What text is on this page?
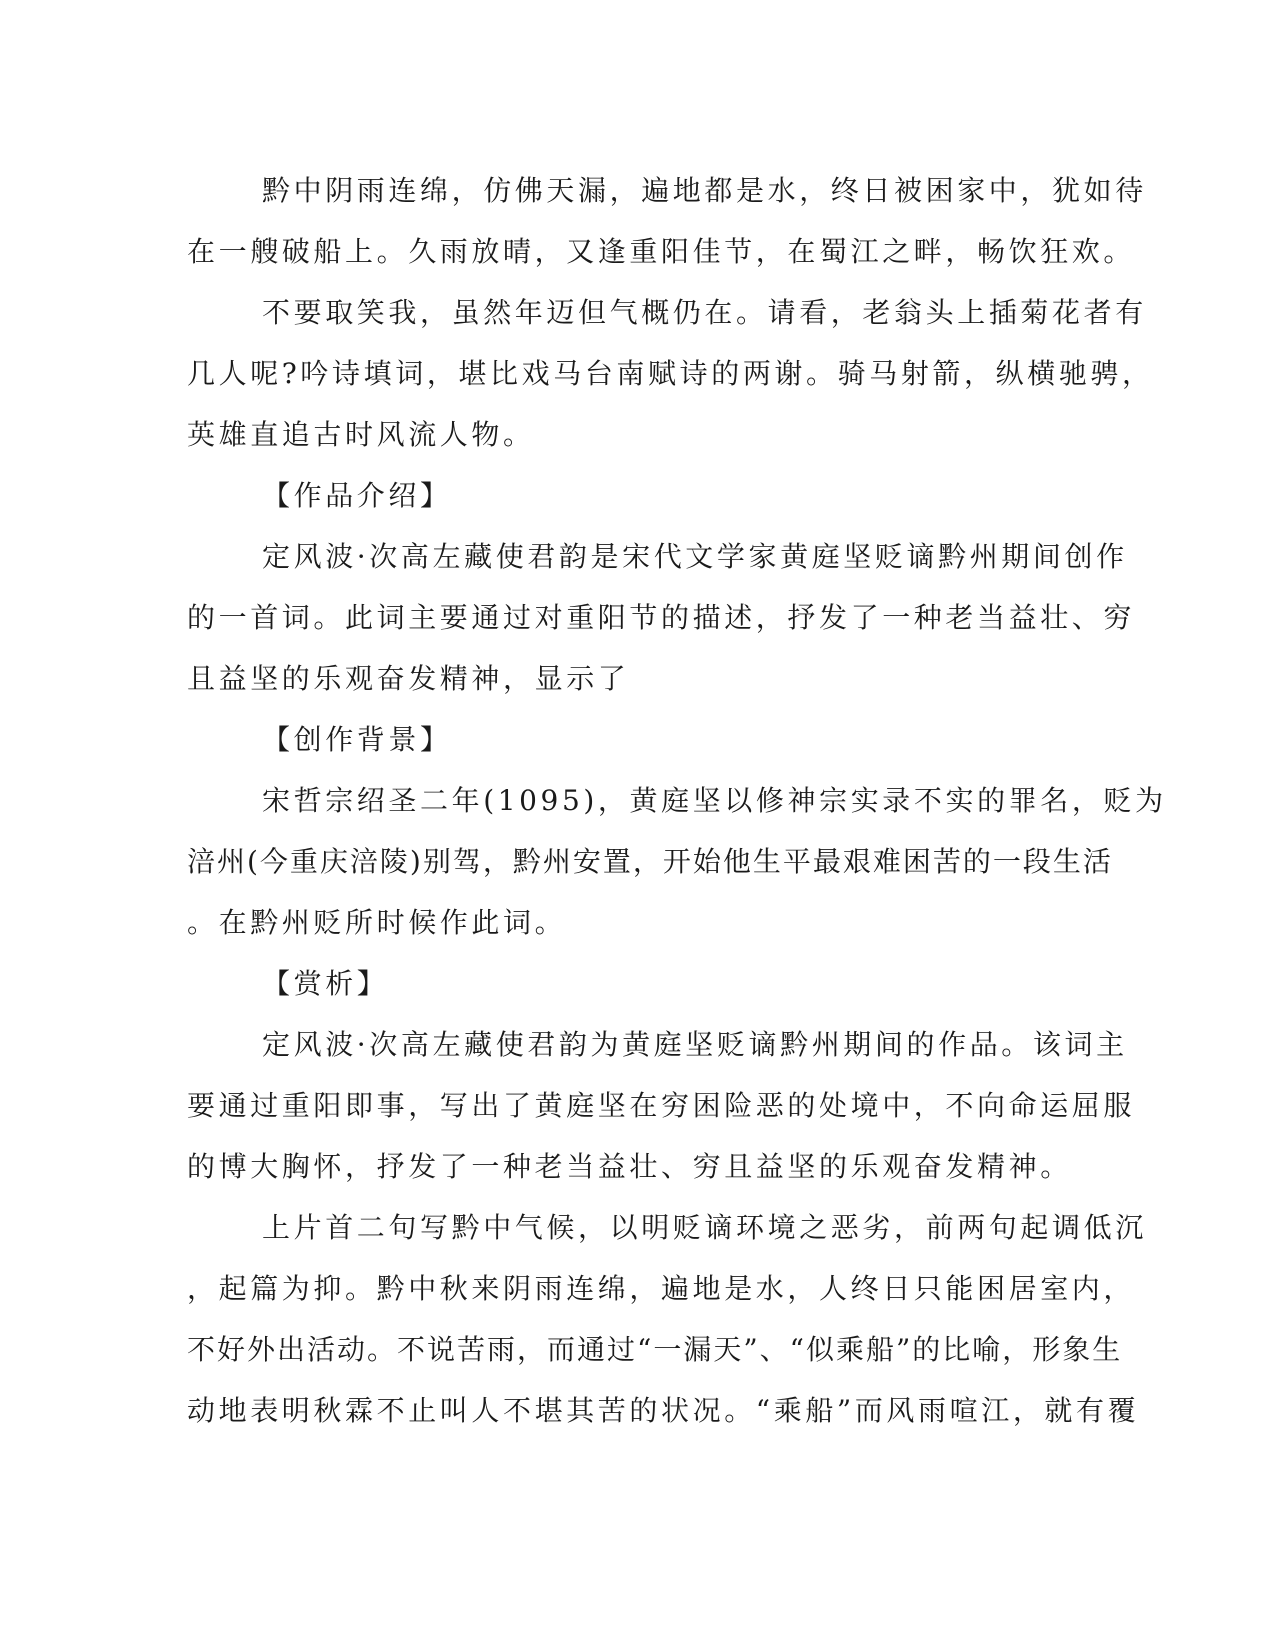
黔中阴雨连绵，仿佛天漏，遍地都是水，终日被困家中，犹如待
在一艘破船上。久雨放晴，又逢重阳佳节，在蜀江之畔，畅饮狂欢。
不要取笑我，虽然年迈但气概仍在。请看，老翁头上插菊花者有
几人呢?吟诗填词，堪比戏马台南赋诗的两谢。骑马射箭，纵横驰骋，
英雄直追古时风流人物。
【作品介绍】
定风波·次高左藏使君韵是宋代文学家黄庭坚贬谪黔州期间创作
的一首词。此词主要通过对重阳节的描述，抒发了一种老当益壮、穷
且益坚的乐观奋发精神，显示了
【创作背景】
宋哲宗绍圣二年(1095)，黄庭坚以修神宗实录不实的罪名，贬为
涪州(今重庆涪陵)别驾，黔州安置，开始他生平最艰难困苦的一段生活
。在黔州贬所时候作此词。
【赏析】
定风波·次高左藏使君韵为黄庭坚贬谪黔州期间的作品。该词主
要通过重阳即事，写出了黄庭坚在穷困险恶的处境中，不向命运屈服
的博大胸怀，抒发了一种老当益壮、穷且益坚的乐观奋发精神。
上片首二句写黔中气候，以明贬谪环境之恶劣，前两句起调低沉
，起篇为抑。黔中秋来阴雨连绵，遍地是水，人终日只能困居室内，
不好外出活动。不说苦雨，而通过“一漏天”、“似乘船”的比喻，形象生
动地表明秋霖不止叫人不堪其苦的状况。“乘船”而风雨喧江，就有覆
